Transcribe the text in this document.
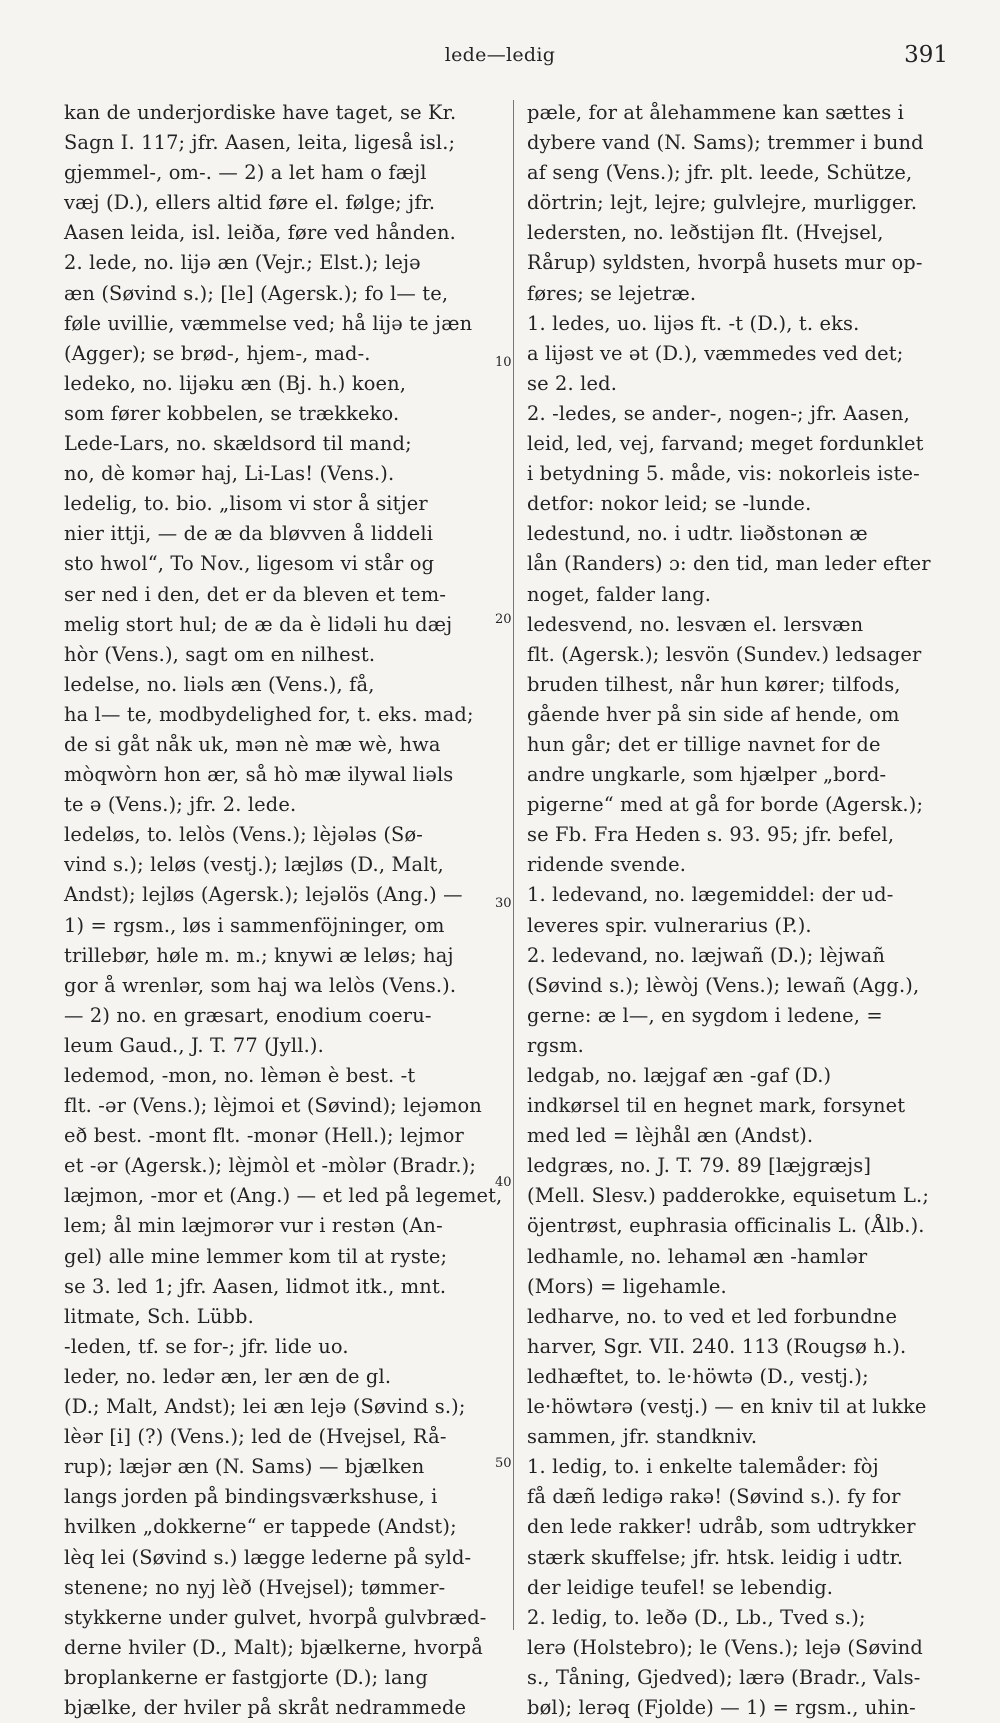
lede—ledig	391
kan de underjordiske have taget, se Kr.
Sagn I. 117; jfr. Aasen, leita, ligeså isl.;
gjemmel-, om-. — 2) a let ham o fæjl
væj (D.), ellers altid føre el. følge; jfr.
Aasen leida, isl. leiða, føre ved hånden.
2. lede, no. lijə æn (Vejr.; Elst.); lejə
æn (Søvind s.); [le] (Agersk.); fo l— te,
føle uvillie, væmmelse ved; hå lijə te jæn
(Agger); se brød-, hjem-, mad-.
ledeko, no. lijəku æn (Bj. h.) koen,
som fører kobbelen, se trækkeko.
Lede-Lars, no. skældsord til mand;
no, dè komər haj, Li-Las! (Vens.).
ledelig, to. bio. „lisom vi stor å sitjer
nier ittji, — de æ da bløvven å liddeli
sto hwol“, To Nov., ligesom vi står og
ser ned i den, det er da bleven et tem-
melig stort hul; de æ da è lidəli hu dæj
hòr (Vens.), sagt om en nilhest.
ledelse, no. liəls æn (Vens.), få,
ha l— te, modbydelighed for, t. eks. mad;
de si gåt nåk uk, mən nè mæ wè, hwa
mòqwòrn hon ær, så hò mæ ilywal liəls
te ə (Vens.); jfr. 2. lede.
ledeløs, to. lelòs (Vens.); lèjələs (Sø-
vind s.); leløs (vestj.); læjløs (D., Malt,
Andst); lejløs (Agersk.); lejəlös (Ang.) —
1) = rgsm., løs i sammenföjninger, om
trillebør, høle m. m.; knywi æ leløs; haj
gor å wrenlər, som haj wa lelòs (Vens.).
— 2) no. en græsart, enodium coeru-
leum Gaud., J. T. 77 (Jyll.).
ledemod, -mon, no. lèmən è best. -t
flt. -ər (Vens.); lèjmoi et (Søvind); lejəmon
eð best. -mont flt. -monər (Hell.); lejmor
et -ər (Agersk.); lèjmòl et -mòlər (Bradr.);
læjmon, -mor et (Ang.) — et led på legemet,
lem; ål min læjmorər vur i restən (An-
gel) alle mine lemmer kom til at ryste;
se 3. led 1; jfr. Aasen, lidmot itk., mnt.
litmate, Sch. Lübb.
-leden, tf. se for-; jfr. lide uo.
leder, no. ledər æn, ler æn de gl.
(D.; Malt, Andst); lei æn lejə (Søvind s.);
lèər [i] (?) (Vens.); led de (Hvejsel, Rå-
rup); læjər æn (N. Sams) — bjælken
langs jorden på bindingsværkshuse, i
hvilken „dokkerne“ er tappede (Andst);
lèq lei (Søvind s.) lægge lederne på syld-
stenene; no nyj lèð (Hvejsel); tømmer-
stykkerne under gulvet, hvorpå gulvbræd-
derne hviler (D., Malt); bjælkerne, hvorpå
broplankerne er fastgjorte (D.); lang
bjælke, der hviler på skråt nedrammede
pæle, for at ålehammene kan sættes i
dybere vand (N. Sams); tremmer i bund
af seng (Vens.); jfr. plt. leede, Schütze,
dörtrin; lejt, lejre; gulvlejre, murligger.
ledersten, no. leðstijən flt. (Hvejsel,
Rårup) syldsten, hvorpå husets mur op-
føres; se lejetræ.
1. ledes, uo. lijəs ft. -t (D.), t. eks.
a lijəst ve ət (D.), væmmedes ved det;
se 2. led.
2. -ledes, se ander-, nogen-; jfr. Aasen,
leid, led, vej, farvand; meget fordunklet
i betydning 5. måde, vis: nokorleis iste-
detfor: nokor leid; se -lunde.
ledestund, no. i udtr. liəðstonən æ
lån (Randers) ɔ: den tid, man leder efter
noget, falder lang.
ledesvend, no. lesvæn el. lersvæn
flt. (Agersk.); lesvön (Sundev.) ledsager
bruden tilhest, når hun kører; tilfods,
gående hver på sin side af hende, om
hun går; det er tillige navnet for de
andre ungkarle, som hjælper „bord-
pigerne“ med at gå for borde (Agersk.);
se Fb. Fra Heden s. 93. 95; jfr. befel,
ridende svende.
1. ledevand, no. lægemiddel: der ud-
leveres spir. vulnerarius (P.).
2. ledevand, no. læjwañ (D.); lèjwañ
(Søvind s.); lèwòj (Vens.); lewañ (Agg.),
gerne: æ l—, en sygdom i ledene, =
rgsm.
ledgab, no. læjgaf æn -gaf (D.)
indkørsel til en hegnet mark, forsynet
med led = lèjhål æn (Andst).
ledgræs, no. J. T. 79. 89 [læjgræjs]
(Mell. Slesv.) padderokke, equisetum L.;
öjentrøst, euphrasia officinalis L. (Ålb.).
ledhamle, no. lehaməl æn -hamlər
(Mors) = ligehamle.
ledharve, no. to ved et led forbundne
harver, Sgr. VII. 240. 113 (Rougsø h.).
ledhæftet, to. le·höwtə (D., vestj.);
le·höwtərə (vestj.) — en kniv til at lukke
sammen, jfr. standkniv.
1. ledig, to. i enkelte talemåder: fòj
få dæñ ledigə rakə! (Søvind s.). fy for
den lede rakker! udråb, som udtrykker
stærk skuffelse; jfr. htsk. leidig i udtr.
der leidige teufel! se lebendig.
2. ledig, to. leðə (D., Lb., Tved s.);
lerə (Holstebro); le (Vens.); lejə (Søvind
s., Tåning, Gjedved); lærə (Bradr., Vals-
bøl); lerəq (Fjolde) — 1) = rgsm., uhin-
10
20
30
40
50
